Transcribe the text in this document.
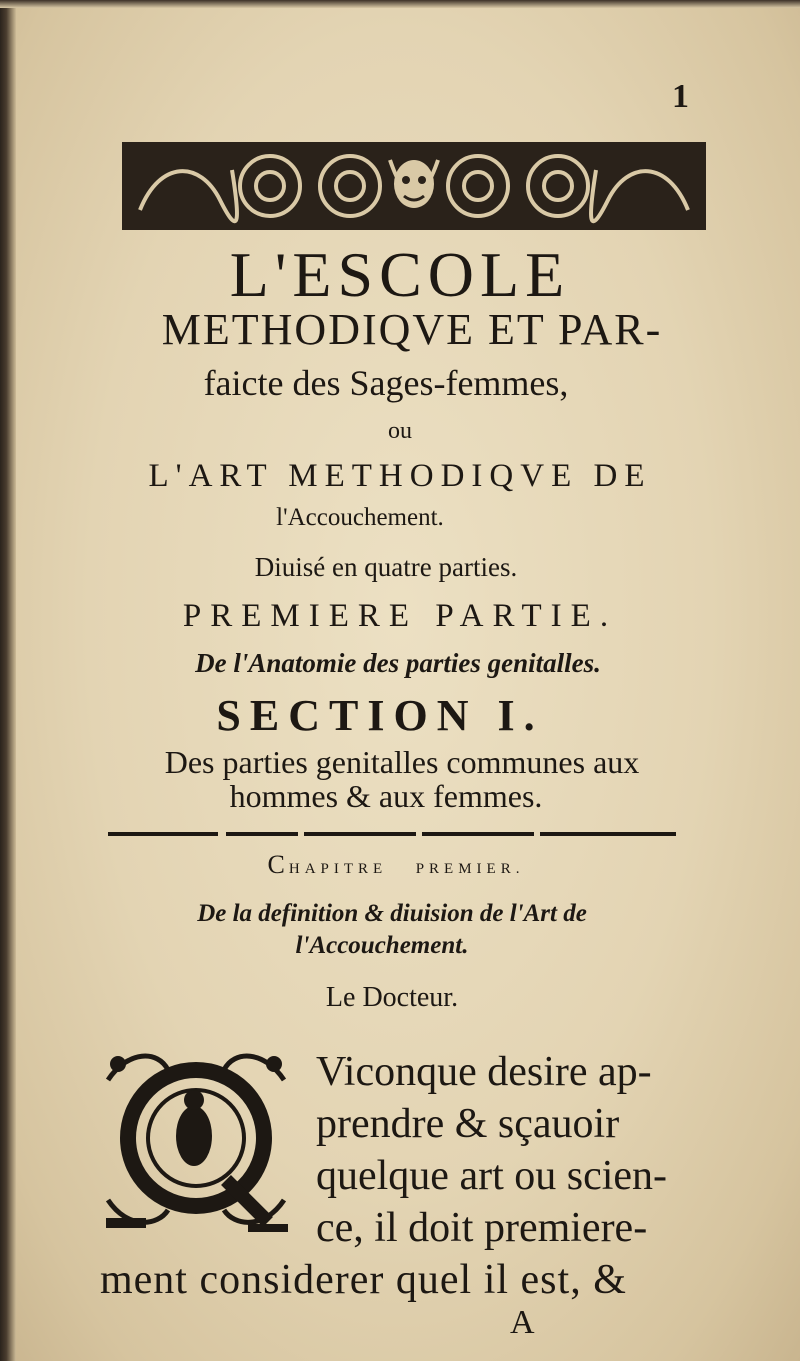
1
L'ESCOLE
METHODIQVE ET PAR-
faicte des Sages-femmes,
ou
L'ART METHODIQVE DE
l'Accouchement.
Diuisé en quatre parties.
PREMIERE PARTIE.
De l'Anatomie des parties genitalles.
SECTION I.
Des parties genitalles communes aux
hommes & aux femmes.
CHAPITRE PREMIER.
De la definition & diuision de l'Art de
l'Accouchement.
Le Docteur.
Viconque desire ap-
prendre & sçauoir
quelque art ou scien-
ce, il doit premiere-
ment considerer quel il est, &
A
